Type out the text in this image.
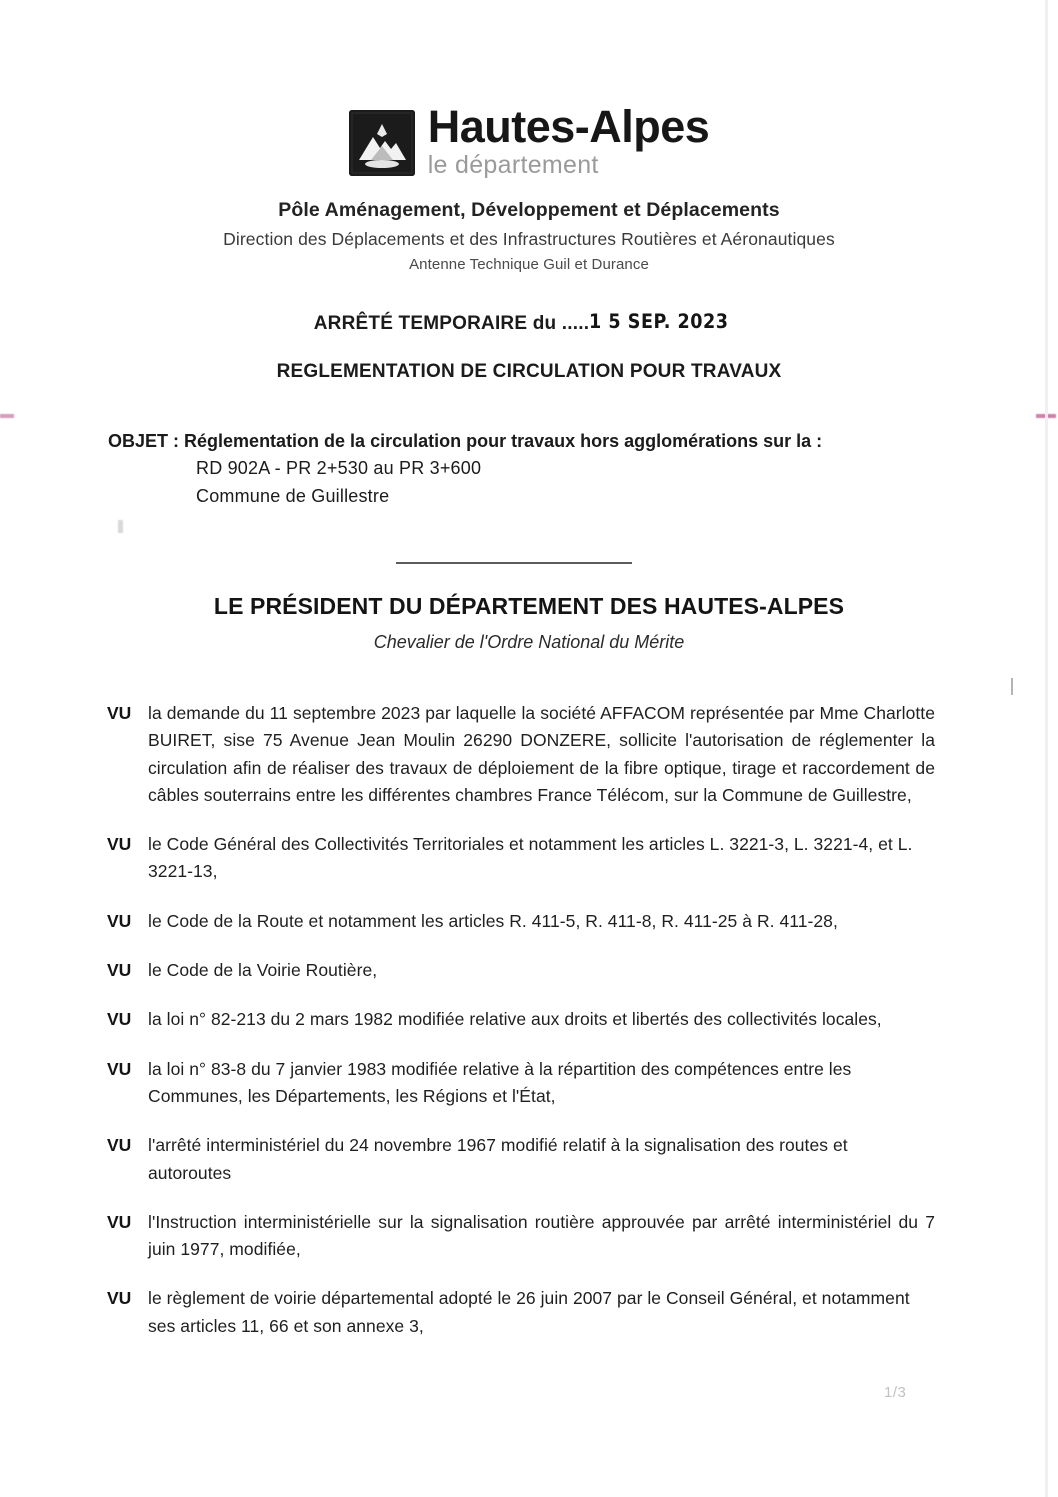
Hautes-Alpes
le département
Pôle Aménagement, Développement et Déplacements
Direction des Déplacements et des Infrastructures Routières et Aéronautiques
Antenne Technique Guil et Durance
ARRÊTÉ TEMPORAIRE du .....1 5 SEP. 2023
REGLEMENTATION DE CIRCULATION POUR TRAVAUX
OBJET : Réglementation de la circulation pour travaux hors agglomérations sur la :
RD 902A - PR 2+530 au PR 3+600
Commune de Guillestre
LE PRÉSIDENT DU DÉPARTEMENT DES HAUTES-ALPES
Chevalier de l'Ordre National du Mérite
VU la demande du 11 septembre 2023 par laquelle la société AFFACOM représentée par Mme Charlotte BUIRET, sise 75 Avenue Jean Moulin 26290 DONZERE, sollicite l'autorisation de réglementer la circulation afin de réaliser des travaux de déploiement de la fibre optique, tirage et raccordement de câbles souterrains entre les différentes chambres France Télécom, sur la Commune de Guillestre,
VU le Code Général des Collectivités Territoriales et notamment les articles L. 3221-3, L. 3221-4, et L. 3221-13,
VU le Code de la Route et notamment les articles R. 411-5, R. 411-8, R. 411-25 à R. 411-28,
VU le Code de la Voirie Routière,
VU la loi n° 82-213 du 2 mars 1982 modifiée relative aux droits et libertés des collectivités locales,
VU la loi n° 83-8 du 7 janvier 1983 modifiée relative à la répartition des compétences entre les Communes, les Départements, les Régions et l'État,
VU l'arrêté interministériel du 24 novembre 1967 modifié relatif à la signalisation des routes et autoroutes
VU l'Instruction interministérielle sur la signalisation routière approuvée par arrêté interministériel du 7 juin 1977, modifiée,
VU le règlement de voirie départemental adopté le 26 juin 2007 par le Conseil Général, et notamment ses articles 11, 66 et son annexe 3,
1/3
